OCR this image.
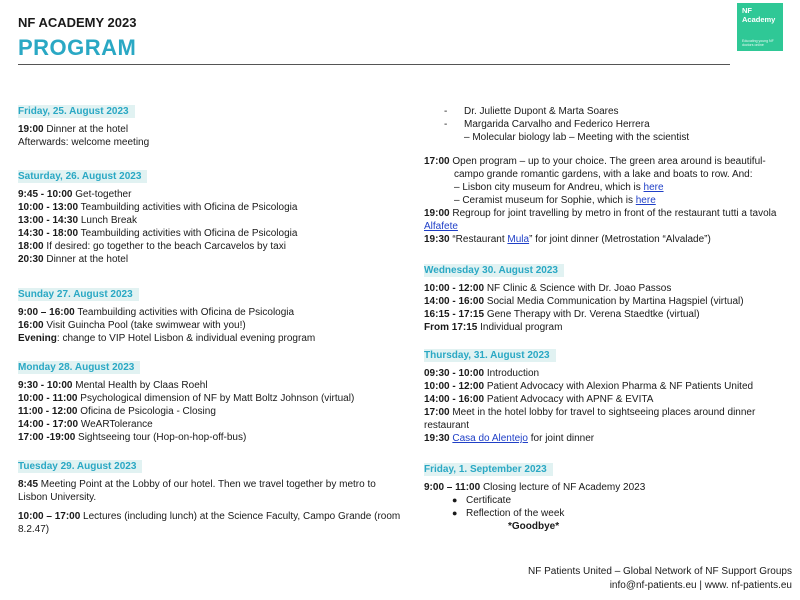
NF ACADEMY 2023
PROGRAM
NF
Academy
Educating young NF doctors online
Friday, 25. August 2023

19:00 Dinner at the hotel

Afterwards: welcome meeting

Saturday, 26. August 2023

9:45 - 10:00 Get-together

10:00 - 13:00 Teambuilding activities with Oficina de Psicologia

13:00 - 14:30 Lunch Break

14:30 - 18:00 Teambuilding activities with Oficina de Psicologia

18:00 If desired: go together to the beach Carcavelos by taxi

20:30 Dinner at the hotel

Sunday 27. August 2023

9:00 – 16:00 Teambuilding activities with Oficina de Psicologia

16:00 Visit Guincha Pool (take swimwear with you!)

Evening: change to VIP Hotel Lisbon & individual evening program

Monday 28. August 2023

9:30 - 10:00 Mental Health by Claas Roehl

10:00 - 11:00 Psychological dimension of NF by Matt Boltz Johnson (virtual)

11:00 - 12:00 Oficina de Psicologia - Closing

14:00 - 17:00 WeARTolerance

17:00 -19:00 Sightseeing tour (Hop-on-hop-off-bus)

Tuesday 29. August 2023

8:45 Meeting Point at the Lobby of our hotel. Then we travel together by metro to Lisbon University.

10:00 – 17:00 Lectures (including lunch) at the Science Faculty, Campo Grande (room 8.2.47)

- Dr. Juliette Dupont & Marta Soares

- Margarida Carvalho and Federico Herrera

– Molecular biology lab – Meeting with the scientist

17:00 Open program – up to your choice. The green area around is beautiful-

campo grande romantic gardens, with a lake and boats to row. And:

– Lisbon city museum for Andreu, which is here

– Ceramist museum for Sophie, which is here

19:00 Regroup for joint travelling by metro in front of the restaurant tutti a tavola

Alfafete

19:30 “Restaurant Mula” for joint dinner (Metrostation “Alvalade”)

Wednesday 30. August 2023

10:00 - 12:00 NF Clinic & Science with Dr. Joao Passos

14:00 - 16:00 Social Media Communication by Martina Hagspiel (virtual)

16:15 - 17:15 Gene Therapy with Dr. Verena Staedtke (virtual)

From 17:15 Individual program

Thursday, 31. August 2023

09:30 - 10:00 Introduction

10:00 - 12:00 Patient Advocacy with Alexion Pharma & NF Patients United

14:00 - 16:00 Patient Advocacy with APNF & EVITA

17:00 Meet in the hotel lobby for travel to sightseeing places around dinner

restaurant

19:30 Casa do Alentejo for joint dinner

Friday, 1. September 2023

9:00 – 11:00 Closing lecture of NF Academy 2023

● Certificate

● Reflection of the week

*Goodbye*

NF Patients United – Global Network of NF Support Groups
info@nf-patients.eu | www. nf-patients.eu
